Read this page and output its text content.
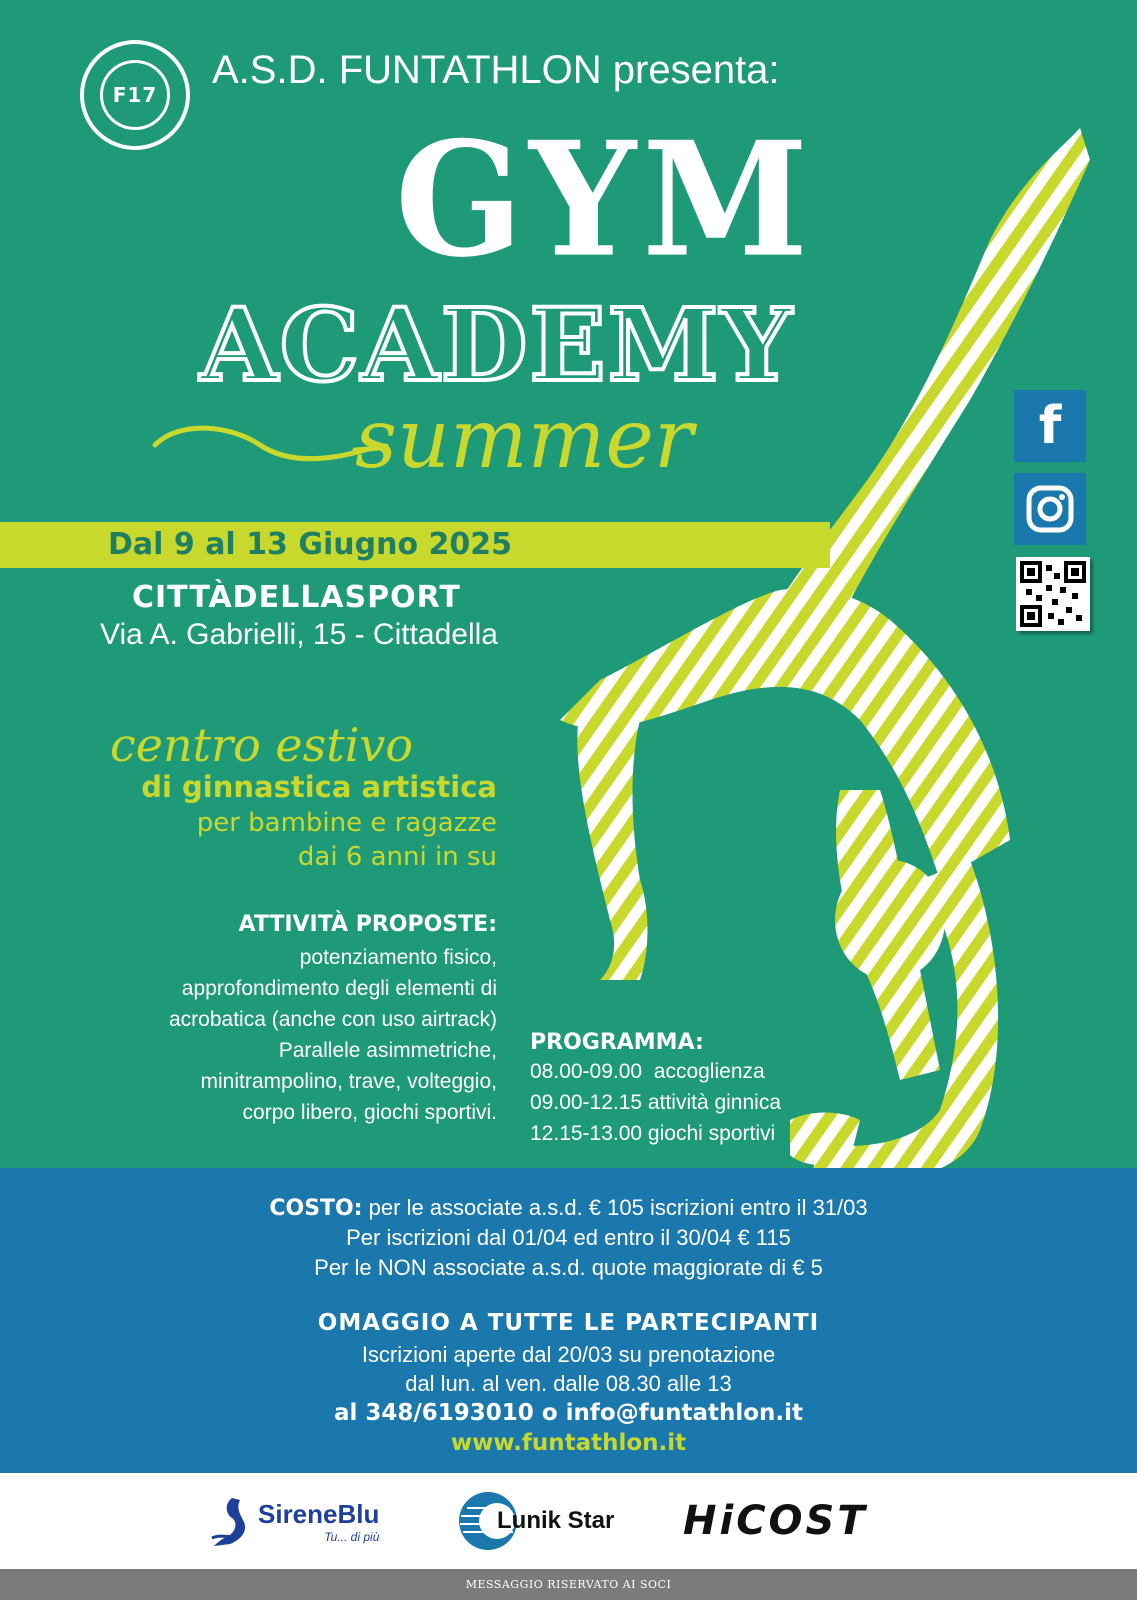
F17
A.S.D. FUNTATHLON presenta:
GYM
ACADEMY
summer	f
Dal 9 al 13 Giugno 2025
CITTÀDELLASPORT
Via A. Gabrielli, 15 - Cittadella
centro estivo
di ginnastica artistica
per bambine e ragazze
dai 6 anni in su
ATTIVITÀ PROPOSTE:
potenziamento fisico,
approfondimento degli elementi di
acrobatica (anche con uso airtrack)
Parallele asimmetriche,
minitrampolino, trave, volteggio,
corpo libero, giochi sportivi.
PROGRAMMA:
08.00-09.00  accoglienza
09.00-12.15 attività ginnica
12.15-13.00 giochi sportivi
COSTO: per le associate a.s.d. € 105 iscrizioni entro il 31/03
Per iscrizioni dal 01/04 ed entro il 30/04 € 115
Per le NON associate a.s.d. quote maggiorate di € 5
OMAGGIO A TUTTE LE PARTECIPANTI
Iscrizioni aperte dal 20/03 su prenotazione
dal lun. al ven. dalle 08.30 alle 13
al 348/6193010 o info@funtathlon.it
www.funtathlon.it
SireneBlu
Tu... di più
Lunik Star HiCOST
MESSAGGIO RISERVATO AI SOCI
